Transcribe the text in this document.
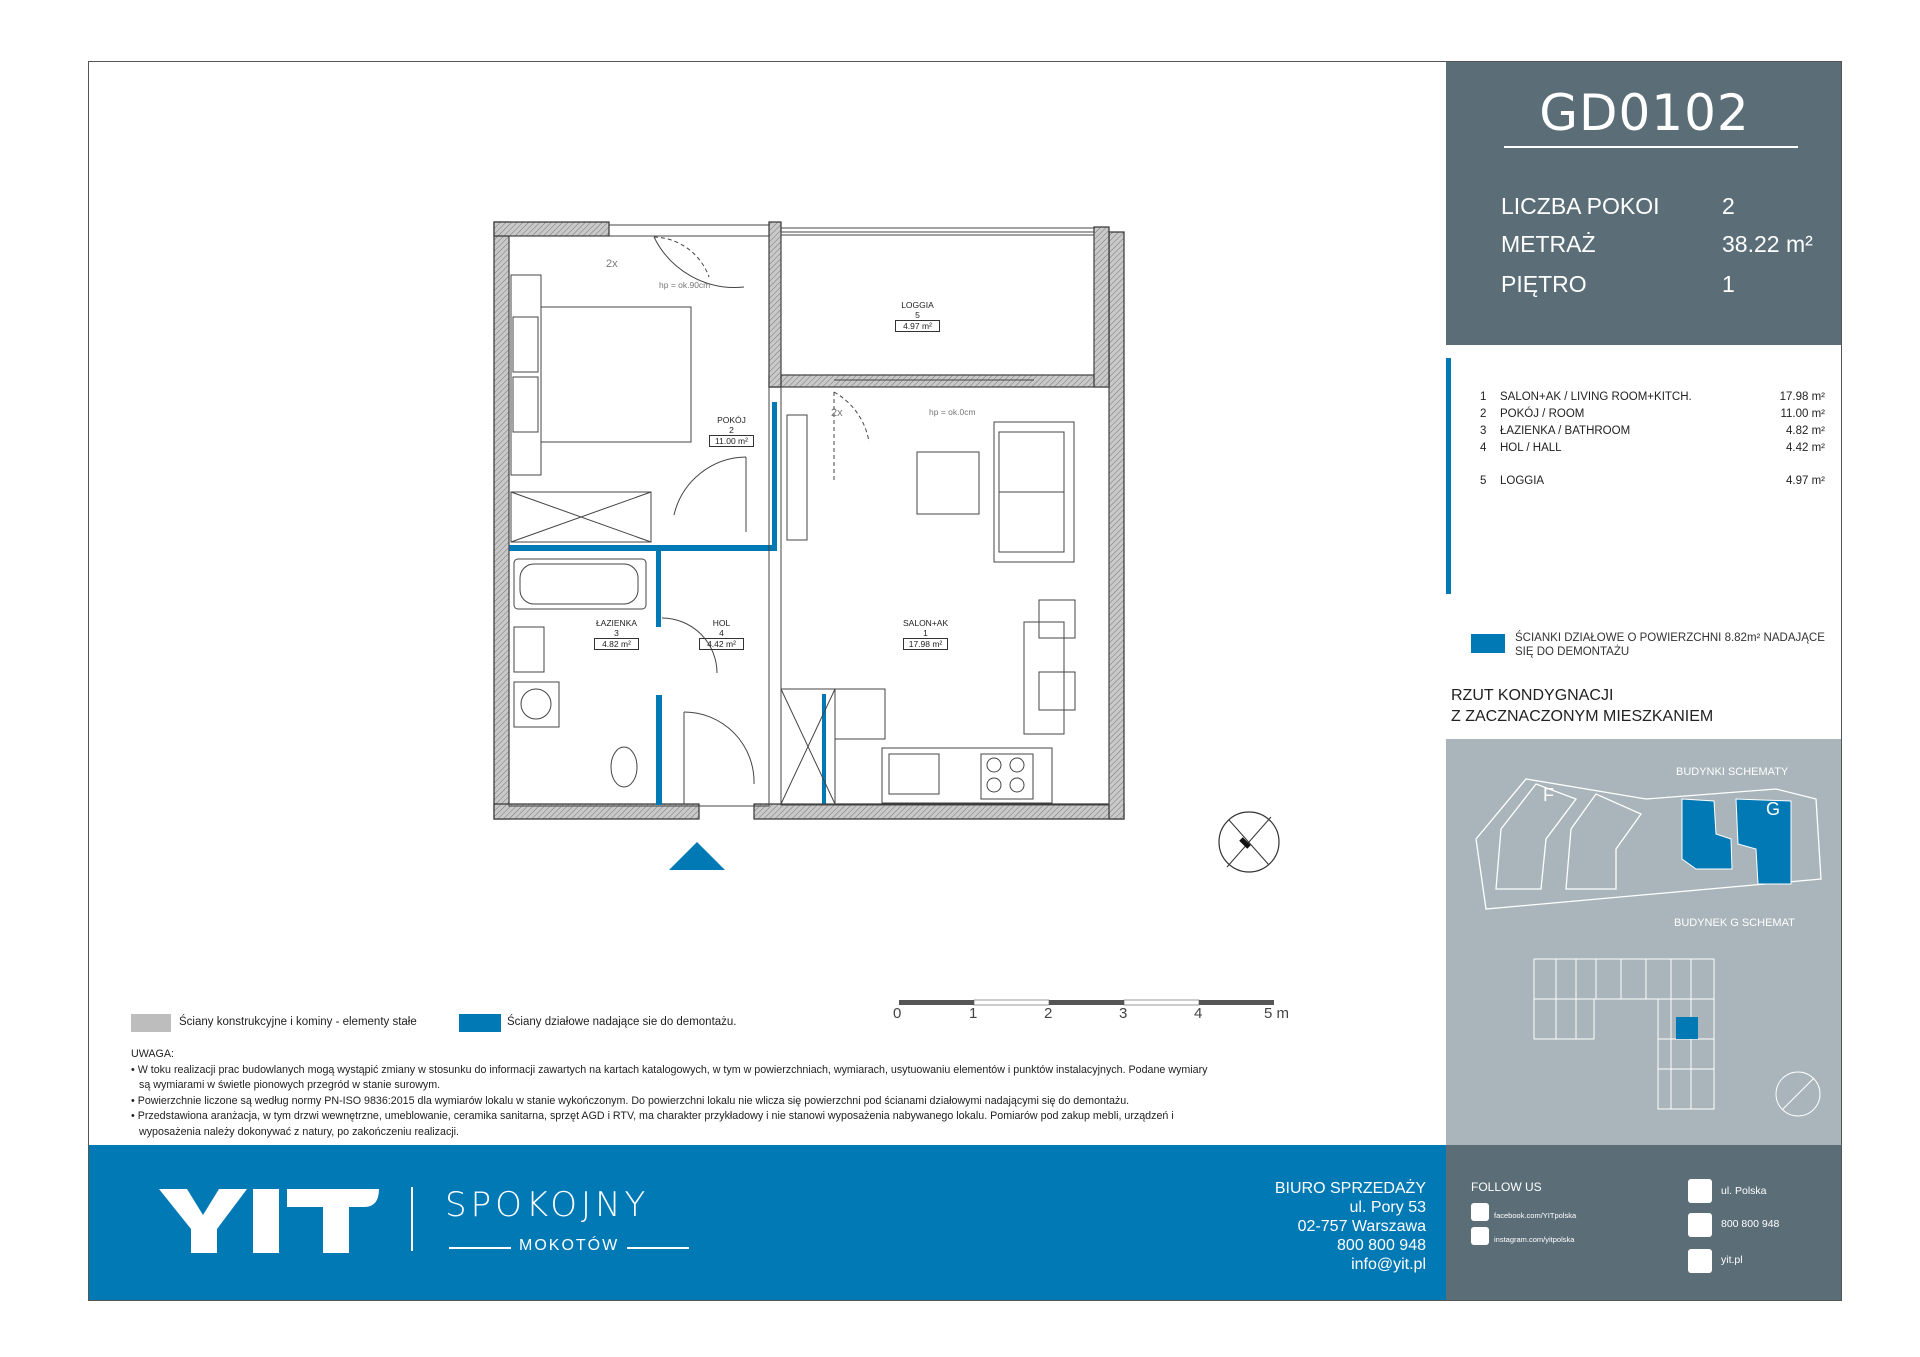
LOGGIA
5
4.97 m²
POKÓJ
2
11.00 m²
ŁAZIENKA
3
4.82 m²
HOL
4
4.42 m²
SALON+AK
1
17.98 m²
hp = ok.90cm
hp = ok.0cm
2x
2x
0	1	2	3	4	5 m
GD0102
LICZBA POKOI	2
METRAŻ	38.22 m²
PIĘTRO	1
1 SALON+AK / LIVING ROOM+KITCH.	17.98 m²
2 POKÓJ / ROOM	11.00 m²
3 ŁAZIENKA / BATHROOM	4.82 m²
4 HOL / HALL	4.42 m²
5 LOGGIA	4.97 m²
ŚCIANKI DZIAŁOWE O POWIERZCHNI 8.82m² NADAJĄCE SIĘ DO DEMONTAŻU
RZUT KONDYGNACJI
Z ZACZNACZONYM MIESZKANIEM
BUDYNKI SCHEMATY
F
G
BUDYNEK G SCHEMAT
Ściany konstrukcyjne i kominy - elementy stałe	Ściany działowe nadające sie do demontażu.

UWAGA:

• W toku realizacji prac budowlanych mogą wystąpić zmiany w stosunku do informacji zawartych na kartach katalogowych, w tym w powierzchniach, wymiarach, usytuowaniu elementów i punktów instalacyjnych. Podane wymiary

są wymiarami w świetle pionowych przegród w stanie surowym.

• Powierzchnie liczone są według normy PN-ISO 9836:2015 dla wymiarów lokalu w stanie wykończonym. Do powierzchni lokalu nie wlicza się powierzchni pod ścianami działowymi nadającymi się do demontażu.

• Przedstawiona aranżacja, w tym drzwi wewnętrzne, umeblowanie, ceramika sanitarna, sprzęt AGD i RTV, ma charakter przykładowy i nie stanowi wyposażenia nabywanego lokalu. Pomiarów pod zakup mebli, urządzeń i

wyposażenia należy dokonywać z natury, po zakończeniu realizacji.

SPOKOJNY
MOKOTÓW
BIURO SPRZEDAŻY
ul. Pory 53
02-757 Warszawa
800 800 948
info@yit.pl
FOLLOW US
facebook.com/YITpolska
instagram.com/yitpolska
ul. Polska
800 800 948
yit.pl
